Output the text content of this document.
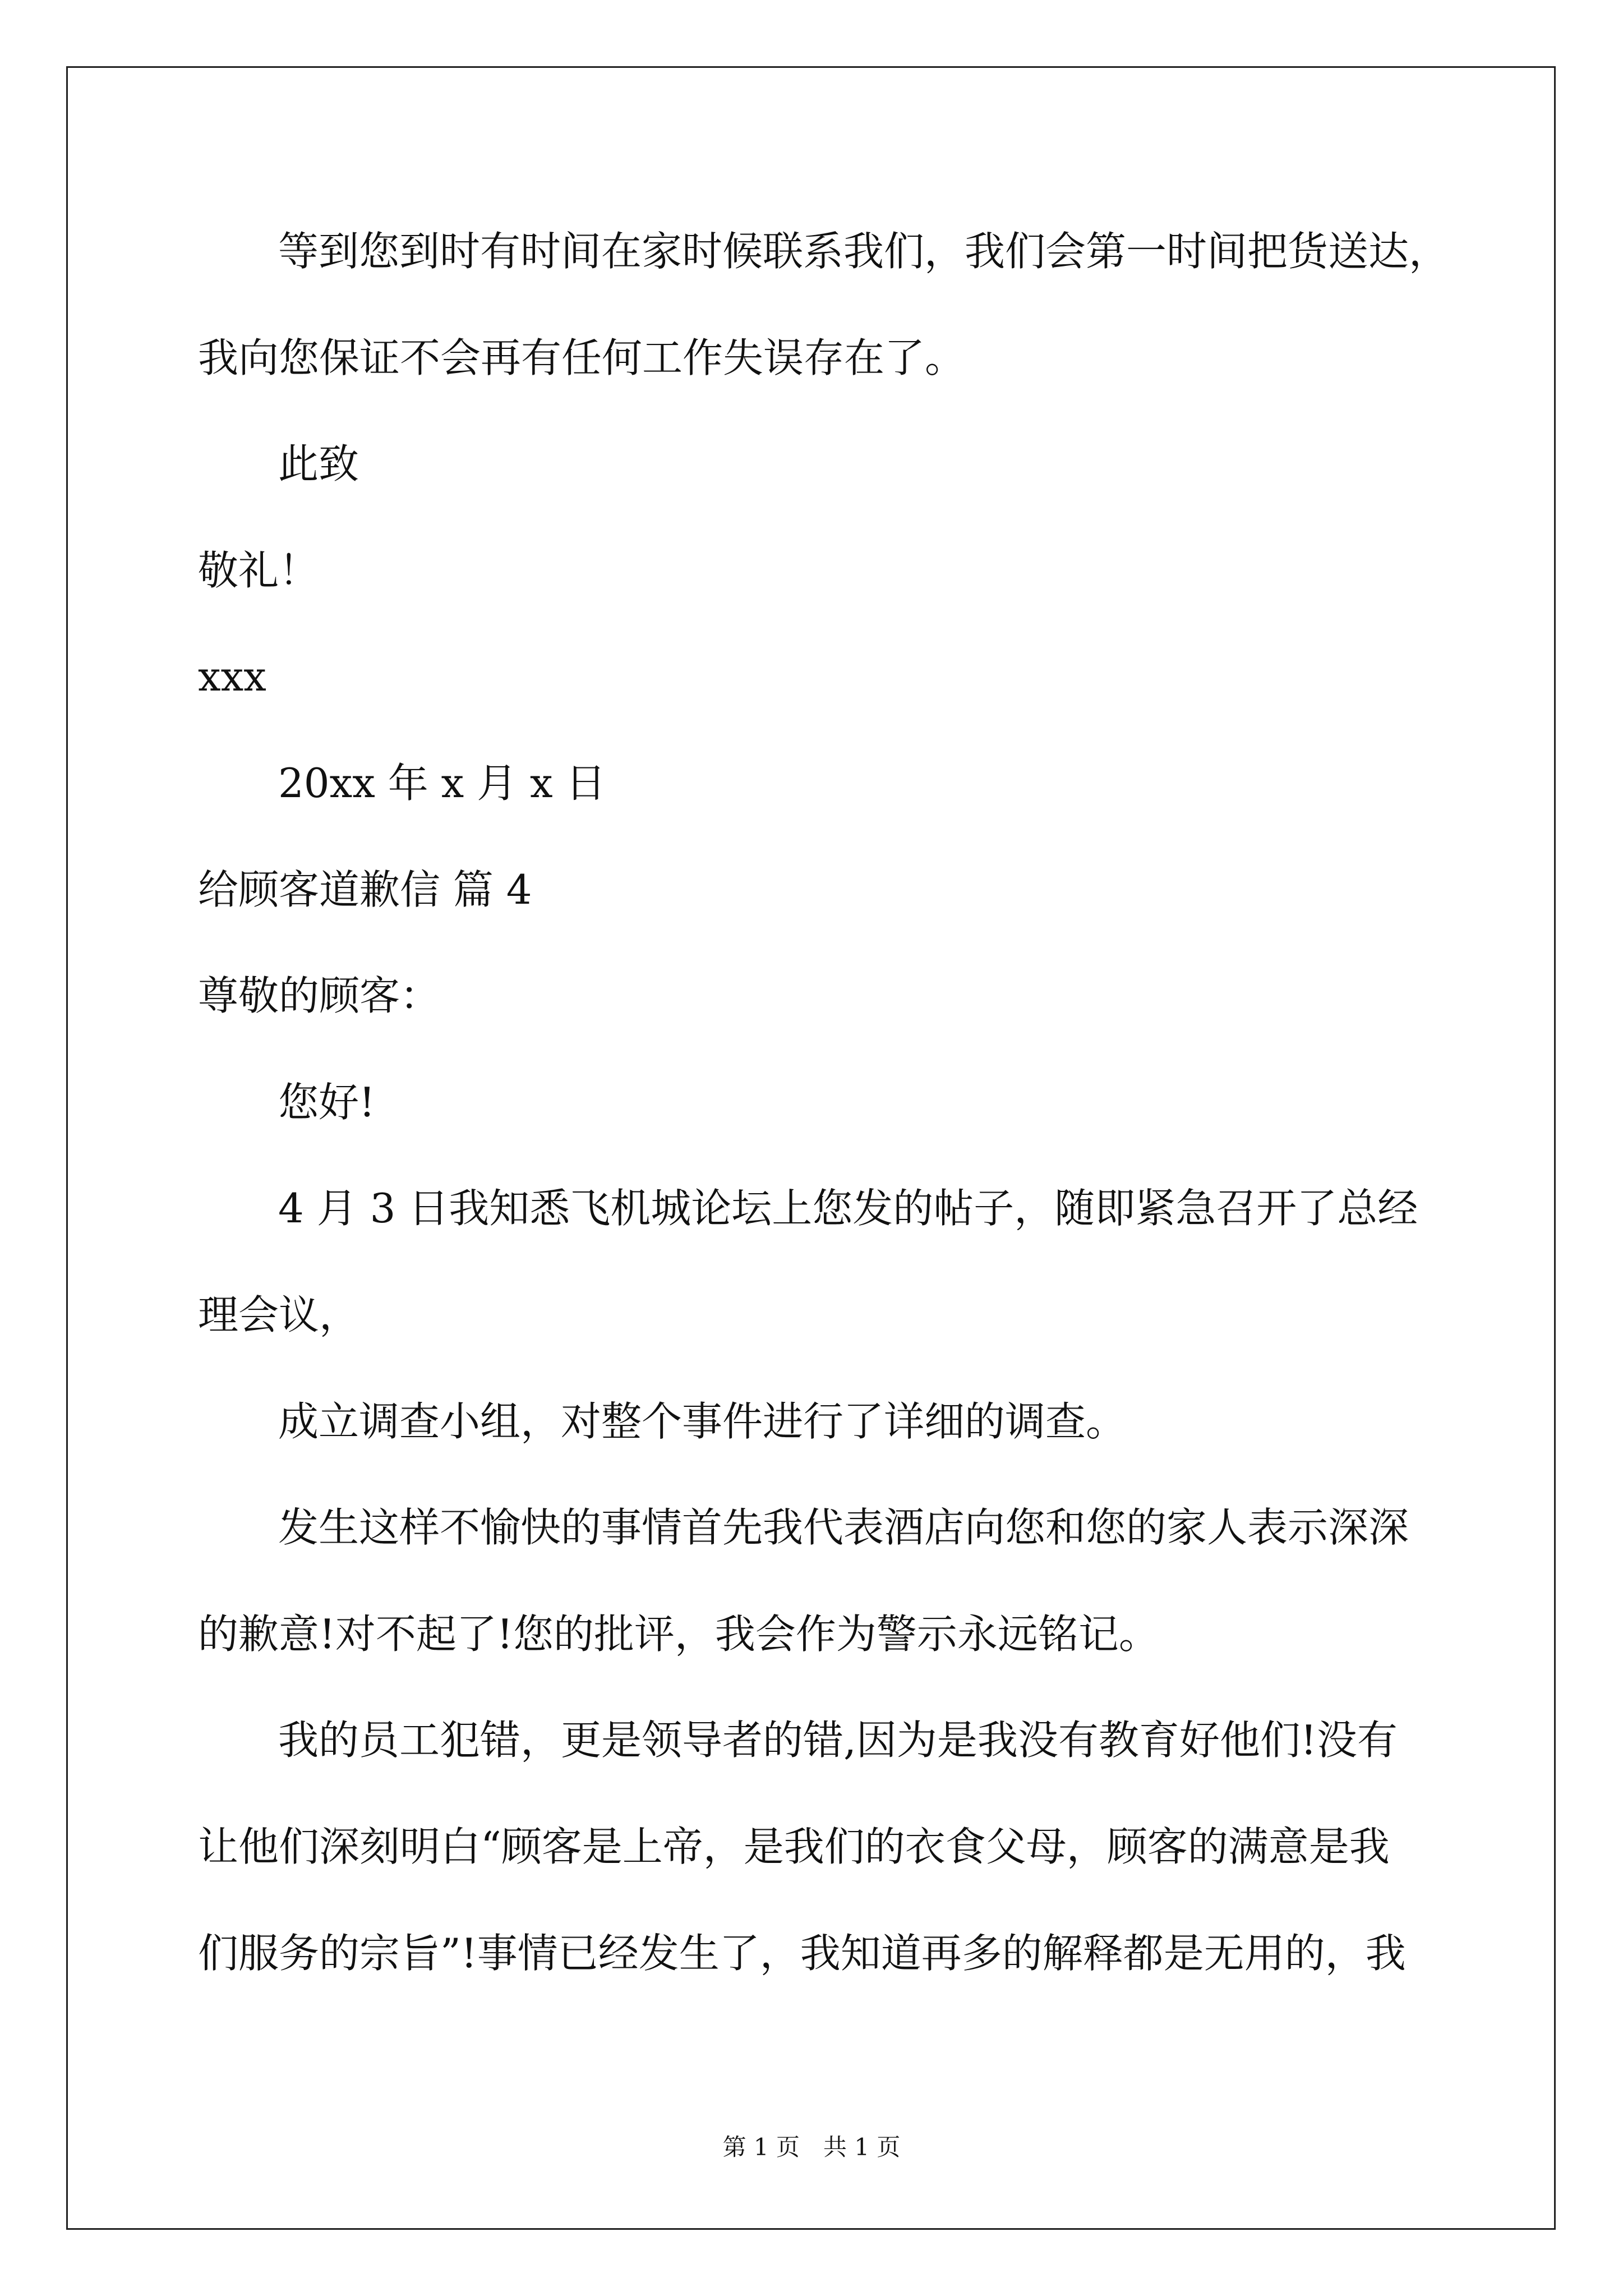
等到您到时有时间在家时候联系我们，我们会第一时间把货送达，
我向您保证不会再有任何工作失误存在了。
此致
敬礼！
xxx
20xx 年 x 月 x 日
给顾客道歉信 篇 4
尊敬的顾客：
您好!
4 月 3 日我知悉飞机城论坛上您发的帖子，随即紧急召开了总经
理会议，
成立调查小组，对整个事件进行了详细的调查。
发生这样不愉快的事情首先我代表酒店向您和您的家人表示深深
的歉意!对不起了!您的批评，我会作为警示永远铭记。
我的员工犯错，更是领导者的错,因为是我没有教育好他们!没有
让他们深刻明白“顾客是上帝，是我们的衣食父母，顾客的满意是我
们服务的宗旨”!事情已经发生了，我知道再多的解释都是无用的，我
第 1 页 共 1 页
